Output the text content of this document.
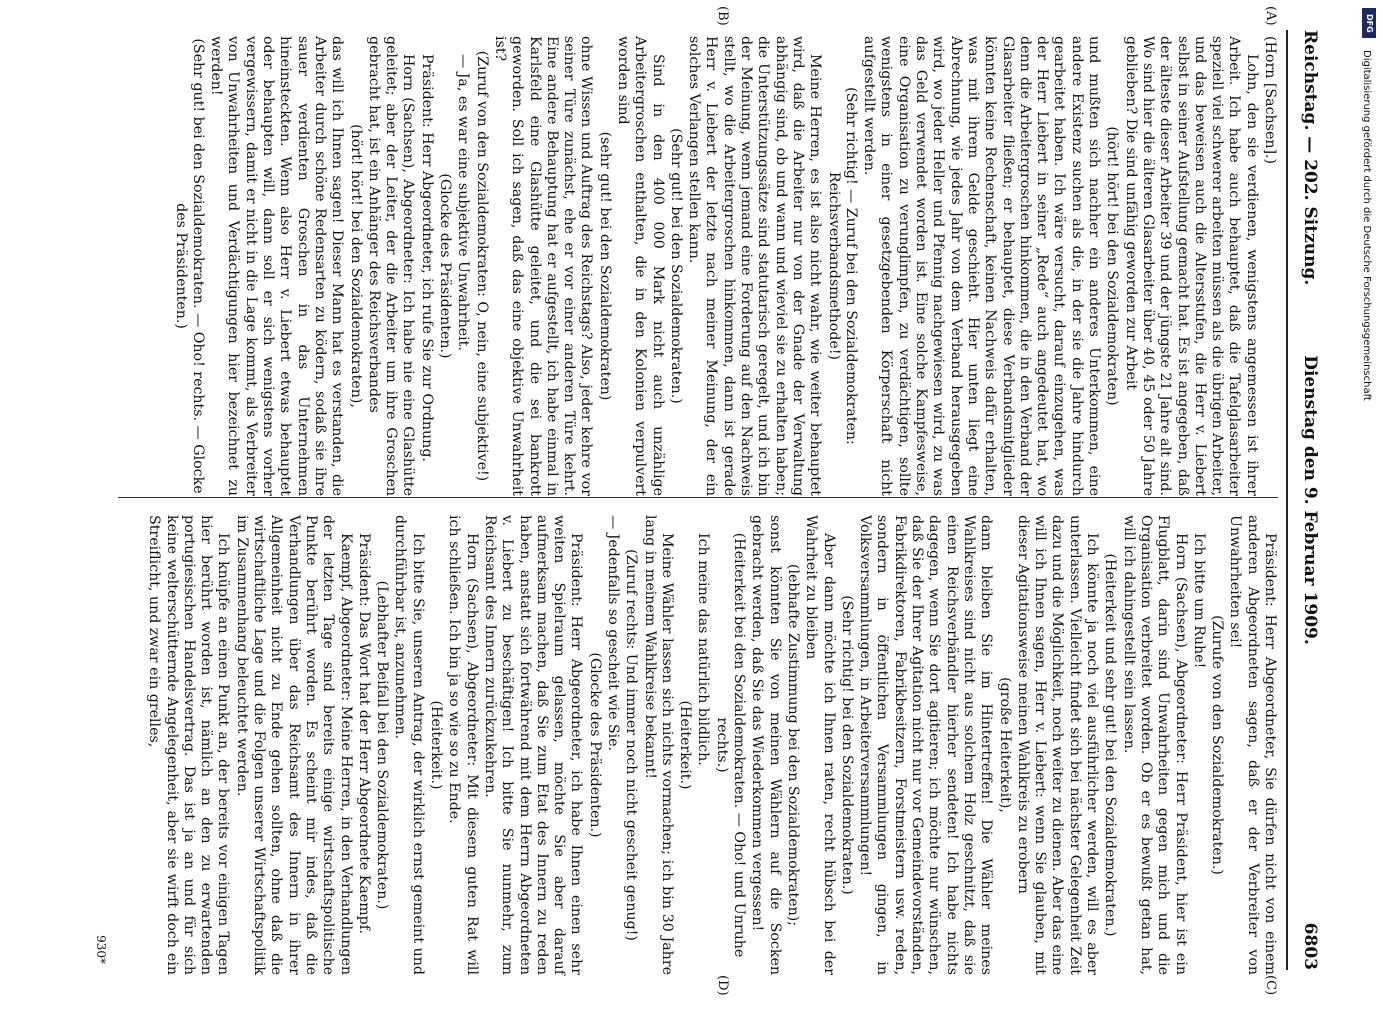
Reichstag. — 202. Sitzung.
Dienstag den 9. Februar 1909.
6803
(A)
(B)
(C)
(D)

(Horn [Sachsen].)

Lohn, den sie verdienen, wenigstens angemessen ist ihrer Arbeit. Ich habe auch behauptet, daß die Tafelglasarbeiter speziell viel schwerer arbeiten müssen als die übrigen Arbeiter, und das beweisen auch die Altersstufen, die Herr v. Liebert selbst in seiner Aufstellung gemacht hat. Es ist angegeben, daß der älteste dieser Arbeiter 39 und der jüngste 21 Jahre alt sind. Wo sind hier die älteren Glasarbeiter über 40, 45 oder 50 Jahre geblieben? Die sind unfähig geworden zur Arbeit

(hört! hört! bei den Sozialdemokraten)

und mußten sich nachher ein anderes Unterkommen, eine andere Existenz suchen als die, in der sie die Jahre hindurch gearbeitet haben. Ich wäre versucht, darauf einzugehen, was der Herr Liebert in seiner „Rede“ auch angedeutet hat, wo denn die Arbeitergroschen hinkommen, die in den Verband der Glasarbeiter fließen; er behauptet, diese Verbandsmitglieder könnten keine Rechenschaft, keinen Nachweis dafür erhalten, was mit ihrem Gelde geschieht. Hier unten liegt eine Abrechnung, wie jedes Jahr von dem Verband herausgegeben wird, wo jeder Heller und Pfennig nachgewiesen wird, zu was das Geld verwendet worden ist. Eine solche Kampfesweise, eine Organisation zu verunglimpfen, zu verdächtigen, sollte wenigstens in einer gesetzgebenden Körperschaft nicht aufgestellt werden.

(Sehr richtig! — Zuruf bei den Sozialdemokraten: Reichsverbandsmethode!)

Meine Herren, es ist also nicht wahr, wie weiter behauptet wird, daß die Arbeiter nur von der Gnade der Verwaltung abhängig sind, ob und wann und wieviel sie zu erhalten haben; die Unterstützungssätze sind statutarisch geregelt, und ich bin der Meinung, wenn jemand eine Forderung auf den Nachweis stellt, wo die Arbeitergroschen hinkommen, dann ist gerade Herr v. Liebert der letzte nach meiner Meinung, der ein solches Verlangen stellen kann.

(Sehr gut! bei den Sozialdemokraten.)

Sind in den 400 000 Mark nicht auch unzählige Arbeitergroschen enthalten, die in den Kolonien verpulvert worden sind

(sehr gut! bei den Sozialdemokraten)

ohne Wissen und Auftrag des Reichstags? Also, jeder kehre vor seiner Türe zunächst, ehe er vor einer anderen Türe kehrt. Eine andere Behauptung hat er aufgestellt, ich habe einmal in Karlsfeld eine Glashütte geleitet, und die sei bankrott geworden. Soll ich sagen, daß das eine objektive Unwahrheit ist?

(Zuruf von den Sozialdemokraten: O, nein, eine subjektive!)

— Ja, es war eine subjektive Unwahrheit.

(Glocke des Präsidenten.)

Präsident: Herr Abgeordneter, ich rufe Sie zur Ordnung.

Horn (Sachsen), Abgeordneter: Ich habe nie eine Glashütte geleitet; aber der Leiter, der die Arbeiter um ihre Groschen gebracht hat, ist ein Anhänger des Reichsverbandes

(hört! hört! bei den Sozialdemokraten),

das will ich Ihnen sagen! Dieser Mann hat es verstanden, die Arbeiter durch schöne Redensarten zu ködern, sodaß sie ihre sauer verdienten Groschen in das Unternehmen hineinsteckten. Wenn also Herr v. Liebert etwas behauptet oder behaupten will, dann soll er sich wenigstens vorher vergewissern, damit er nicht in die Lage kommt, als Verbreiter von Unwahrheiten und Verdächtigungen hier bezeichnet zu werden!

(Sehr gut! bei den Sozialdemokraten. — Oho! rechts. — Glocke des Präsidenten.)

Präsident: Herr Abgeordneter, Sie dürfen nicht von einem anderen Abgeordneten sagen, daß er der Verbreiter von Unwahrheiten sei!

(Zurufe von den Sozialdemokraten.)

Ich bitte um Ruhe!

Horn (Sachsen), Abgeordneter: Herr Präsident, hier ist ein Flugblatt, darin sind Unwahrheiten gegen mich und die Organisation verbreitet worden. Ob er es bewußt getan hat, will ich dahingestellt sein lassen.

(Heiterkeit und sehr gut! bei den Sozialdemokraten.)

Ich könnte ja noch viel ausführlicher werden, will es aber unterlassen. Vielleicht findet sich bei nächster Gelegenheit Zeit dazu und die Möglichkeit, noch weiter zu dienen. Aber das eine will ich Ihnen sagen, Herr v. Liebert: wenn Sie glauben, mit dieser Agitationsweise meinen Wahlkreis zu erobern

(große Heiterkeit),

dann bleiben Sie im Hintertreffen! Die Wähler meines Wahlkreises sind nicht aus solchem Holz geschnitzt, daß sie einen Reichsverbändler hierher sendeten! Ich habe nichts dagegen, wenn Sie dort agitieren; ich möchte nur wünschen, daß Sie der Ihrer Agitation nicht nur vor Gemeindevorständen, Fabrikdirektoren, Fabrikbesitzern, Forstmeistern usw. reden, sondern in öffentlichen Versammlungen gingen, in Volksversammlungen, in Arbeiterversammlungen!

(Sehr richtig! bei den Sozialdemokraten.)

Aber dann möchte ich Ihnen raten, recht hübsch bei der Wahrheit zu bleiben

(lebhafte Zustimmung bei den Sozialdemokraten);

sonst könnten Sie von meinen Wählern auf die Socken gebracht werden, daß Sie das Wiederkommen vergessen!

(Heiterkeit bei den Sozialdemokraten. — Oho! und Unruhe rechts.)

Ich meine das natürlich bildlich.

(Heiterkeit.)

Meine Wähler lassen sich nichts vormachen; ich bin 30 Jahre lang in meinem Wahlkreise bekannt!

(Zuruf rechts: Und immer noch nicht gescheit genug!)

— Jedenfalls so gescheit wie Sie.

(Glocke des Präsidenten.)

Präsident: Herr Abgeordneter, ich habe Ihnen einen sehr weiten Spielraum gelassen, möchte Sie aber darauf aufmerksam machen, daß Sie zum Etat des Innern zu reden haben, anstatt sich fortwährend mit dem Herrn Abgeordneten v. Liebert zu beschäftigen! Ich bitte Sie nunmehr, zum Reichsamt des Innern zurückzukehren.

Horn (Sachsen), Abgeordneter: Mit diesem guten Rat will ich schließen. Ich bin ja so wie so zu Ende.

(Heiterkeit.)

Ich bitte Sie, unseren Antrag, der wirklich ernst gemeint und durchführbar ist, anzunehmen.

(Lebhafter Beifall bei den Sozialdemokraten.)

Präsident: Das Wort hat der Herr Abgeordnete Kaempf.

Kaempf, Abgeordneter: Meine Herren, in den Verhandlungen der letzten Tage sind bereits einige wirtschaftspolitische Punkte berührt worden. Es scheint mir indes, daß die Verhandlungen über das Reichsamt des Innern in ihrer Allgemeinheit nicht zu Ende gehen sollten, ohne daß die wirtschaftliche Lage und die Folgen unserer Wirtschaftspolitik im Zusammenhang beleuchtet werden.

Ich knüpfe an einen Punkt an, der bereits vor einigen Tagen hier berührt worden ist, nämlich an den zu erwartenden portugiesischen Handelsvertrag. Das ist ja an und für sich keine welterschütternde Angelegenheit, aber sie wirft doch ein Streiflicht, und zwar ein grelles,

930*
DFG
Digitalisierung gefördert durch die Deutsche Forschungsgemeinschaft
